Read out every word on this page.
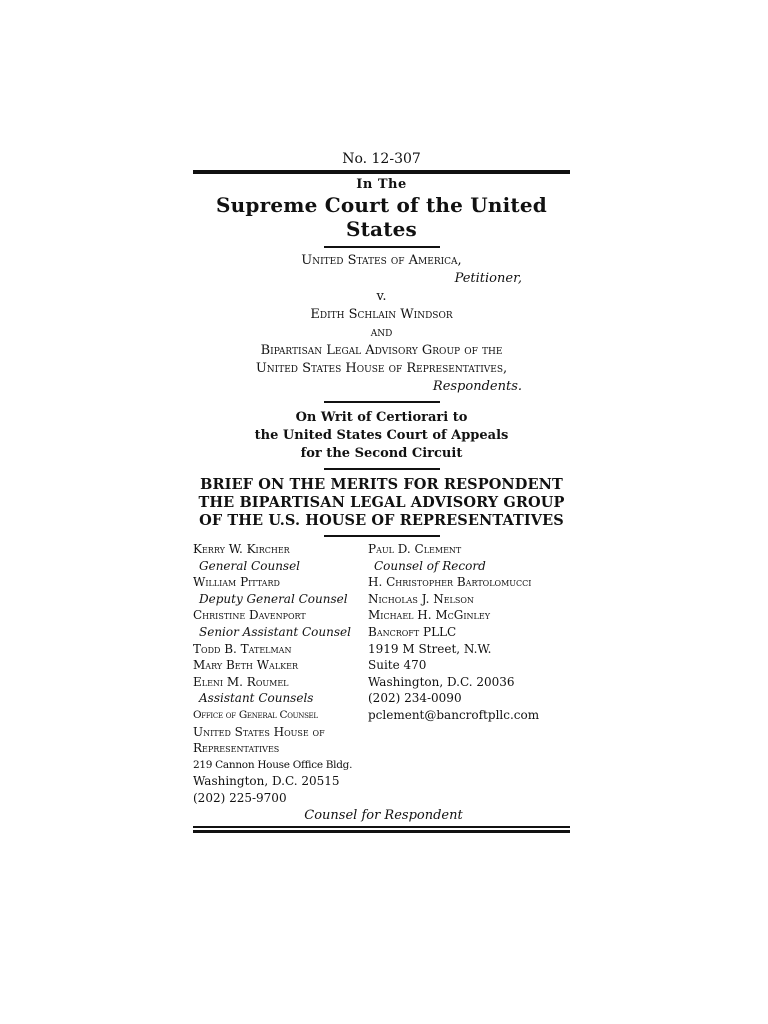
No. 12-307
In The
Supreme Court of the United States
United States of America,
Petitioner,
v.
Edith Schlain Windsor
and
Bipartisan Legal Advisory Group of the
United States House of Representatives,
Respondents.
On Writ of Certiorari to
the United States Court of Appeals
for the Second Circuit
BRIEF ON THE MERITS FOR RESPONDENT
THE BIPARTISAN LEGAL ADVISORY GROUP
OF THE U.S. HOUSE OF REPRESENTATIVES
Kerry W. Kircher
General Counsel
William Pittard
Deputy General Counsel
Christine Davenport
Senior Assistant Counsel
Todd B. Tatelman
Mary Beth Walker
Eleni M. Roumel
Assistant Counsels
Office of General Counsel
United States House of
Representatives
219 Cannon House Office Bldg.
Washington, D.C. 20515
(202) 225-9700
Paul D. Clement
Counsel of Record
H. Christopher Bartolomucci
Nicholas J. Nelson
Michael H. McGinley
Bancroft PLLC
1919 M Street, N.W.
Suite 470
Washington, D.C. 20036
(202) 234-0090
pclement@bancroftpllc.com
Counsel for Respondent
